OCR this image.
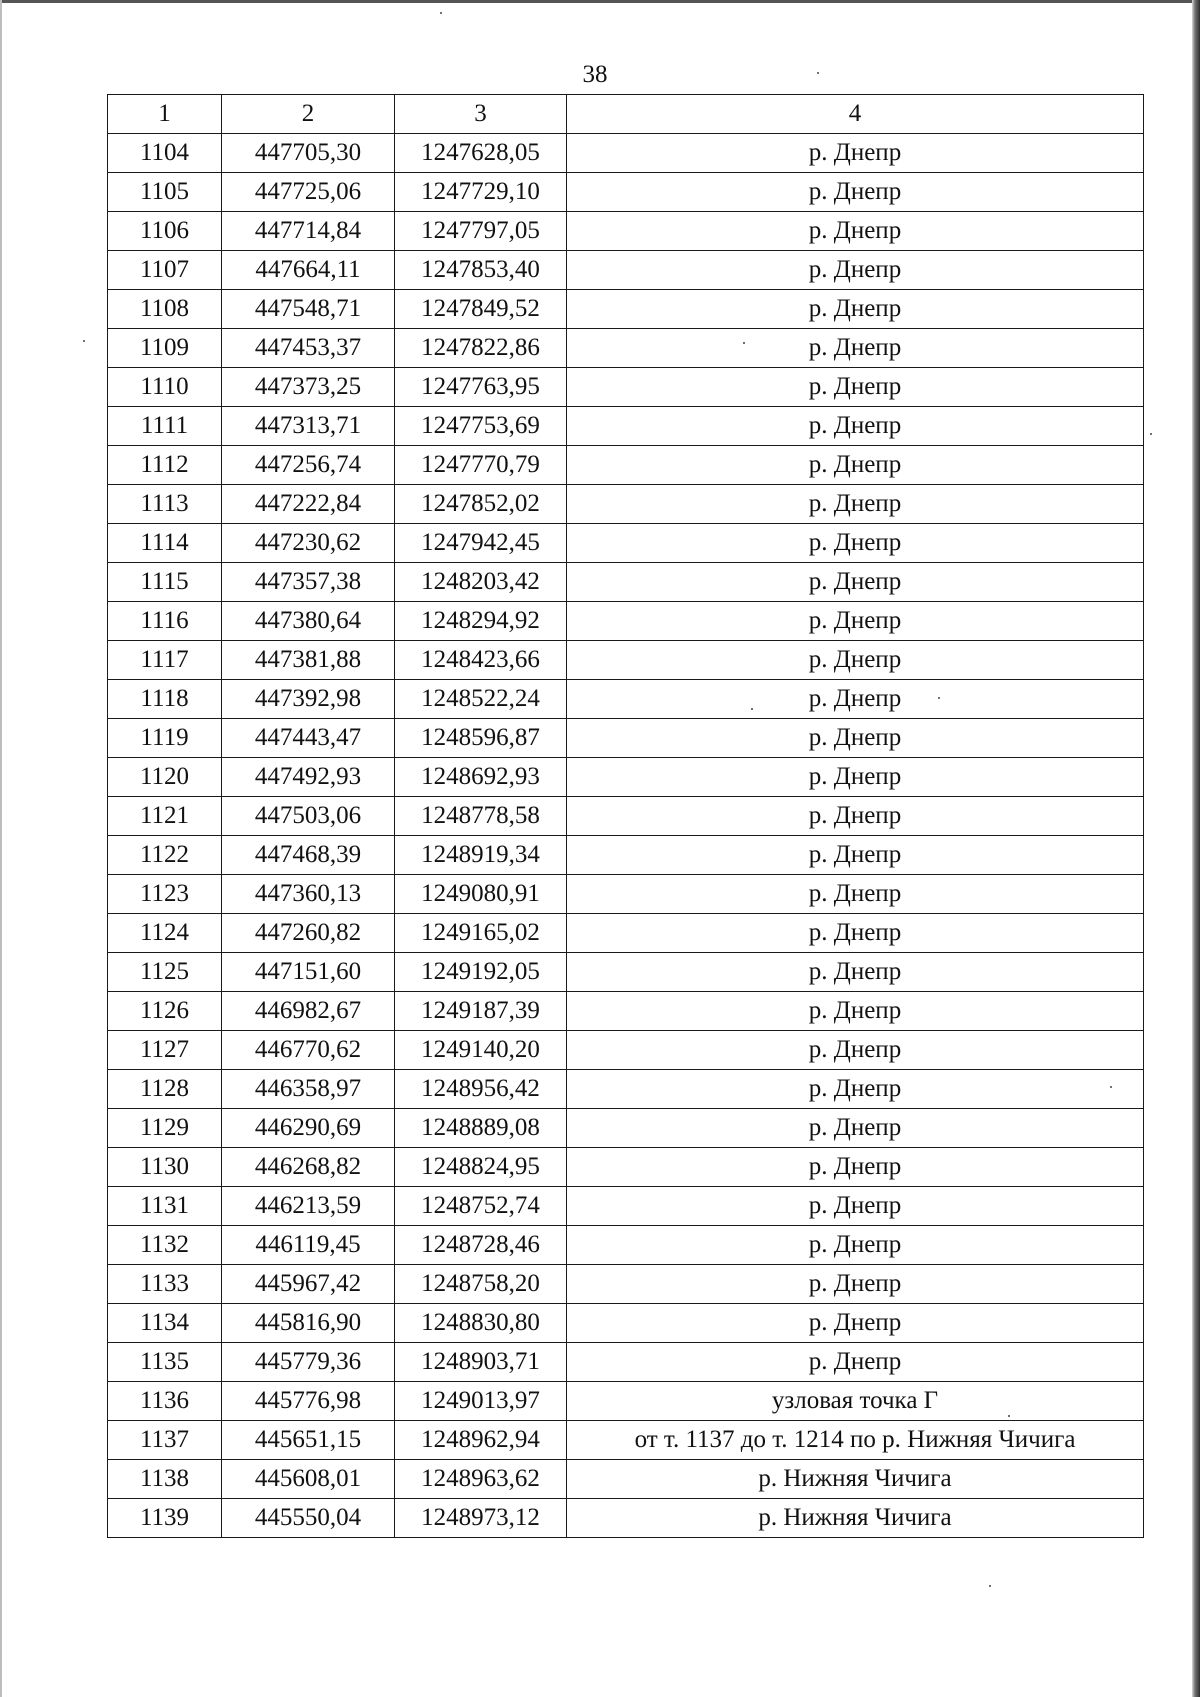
38
1	2	3	4
1104	447705,30	1247628,05	р. Днепр
1105	447725,06	1247729,10	р. Днепр
1106	447714,84	1247797,05	р. Днепр
1107	447664,11	1247853,40	р. Днепр
1108	447548,71	1247849,52	р. Днепр
1109	447453,37	1247822,86	р. Днепр
1110	447373,25	1247763,95	р. Днепр
1111	447313,71	1247753,69	р. Днепр
1112	447256,74	1247770,79	р. Днепр
1113	447222,84	1247852,02	р. Днепр
1114	447230,62	1247942,45	р. Днепр
1115	447357,38	1248203,42	р. Днепр
1116	447380,64	1248294,92	р. Днепр
1117	447381,88	1248423,66	р. Днепр
1118	447392,98	1248522,24	р. Днепр
1119	447443,47	1248596,87	р. Днепр
1120	447492,93	1248692,93	р. Днепр
1121	447503,06	1248778,58	р. Днепр
1122	447468,39	1248919,34	р. Днепр
1123	447360,13	1249080,91	р. Днепр
1124	447260,82	1249165,02	р. Днепр
1125	447151,60	1249192,05	р. Днепр
1126	446982,67	1249187,39	р. Днепр
1127	446770,62	1249140,20	р. Днепр
1128	446358,97	1248956,42	р. Днепр
1129	446290,69	1248889,08	р. Днепр
1130	446268,82	1248824,95	р. Днепр
1131	446213,59	1248752,74	р. Днепр
1132	446119,45	1248728,46	р. Днепр
1133	445967,42	1248758,20	р. Днепр
1134	445816,90	1248830,80	р. Днепр
1135	445779,36	1248903,71	р. Днепр
1136	445776,98	1249013,97	узловая точка Г
1137	445651,15	1248962,94	от т. 1137 до т. 1214 по р. Нижняя Чичига
1138	445608,01	1248963,62	р. Нижняя Чичига
1139	445550,04	1248973,12	р. Нижняя Чичига
